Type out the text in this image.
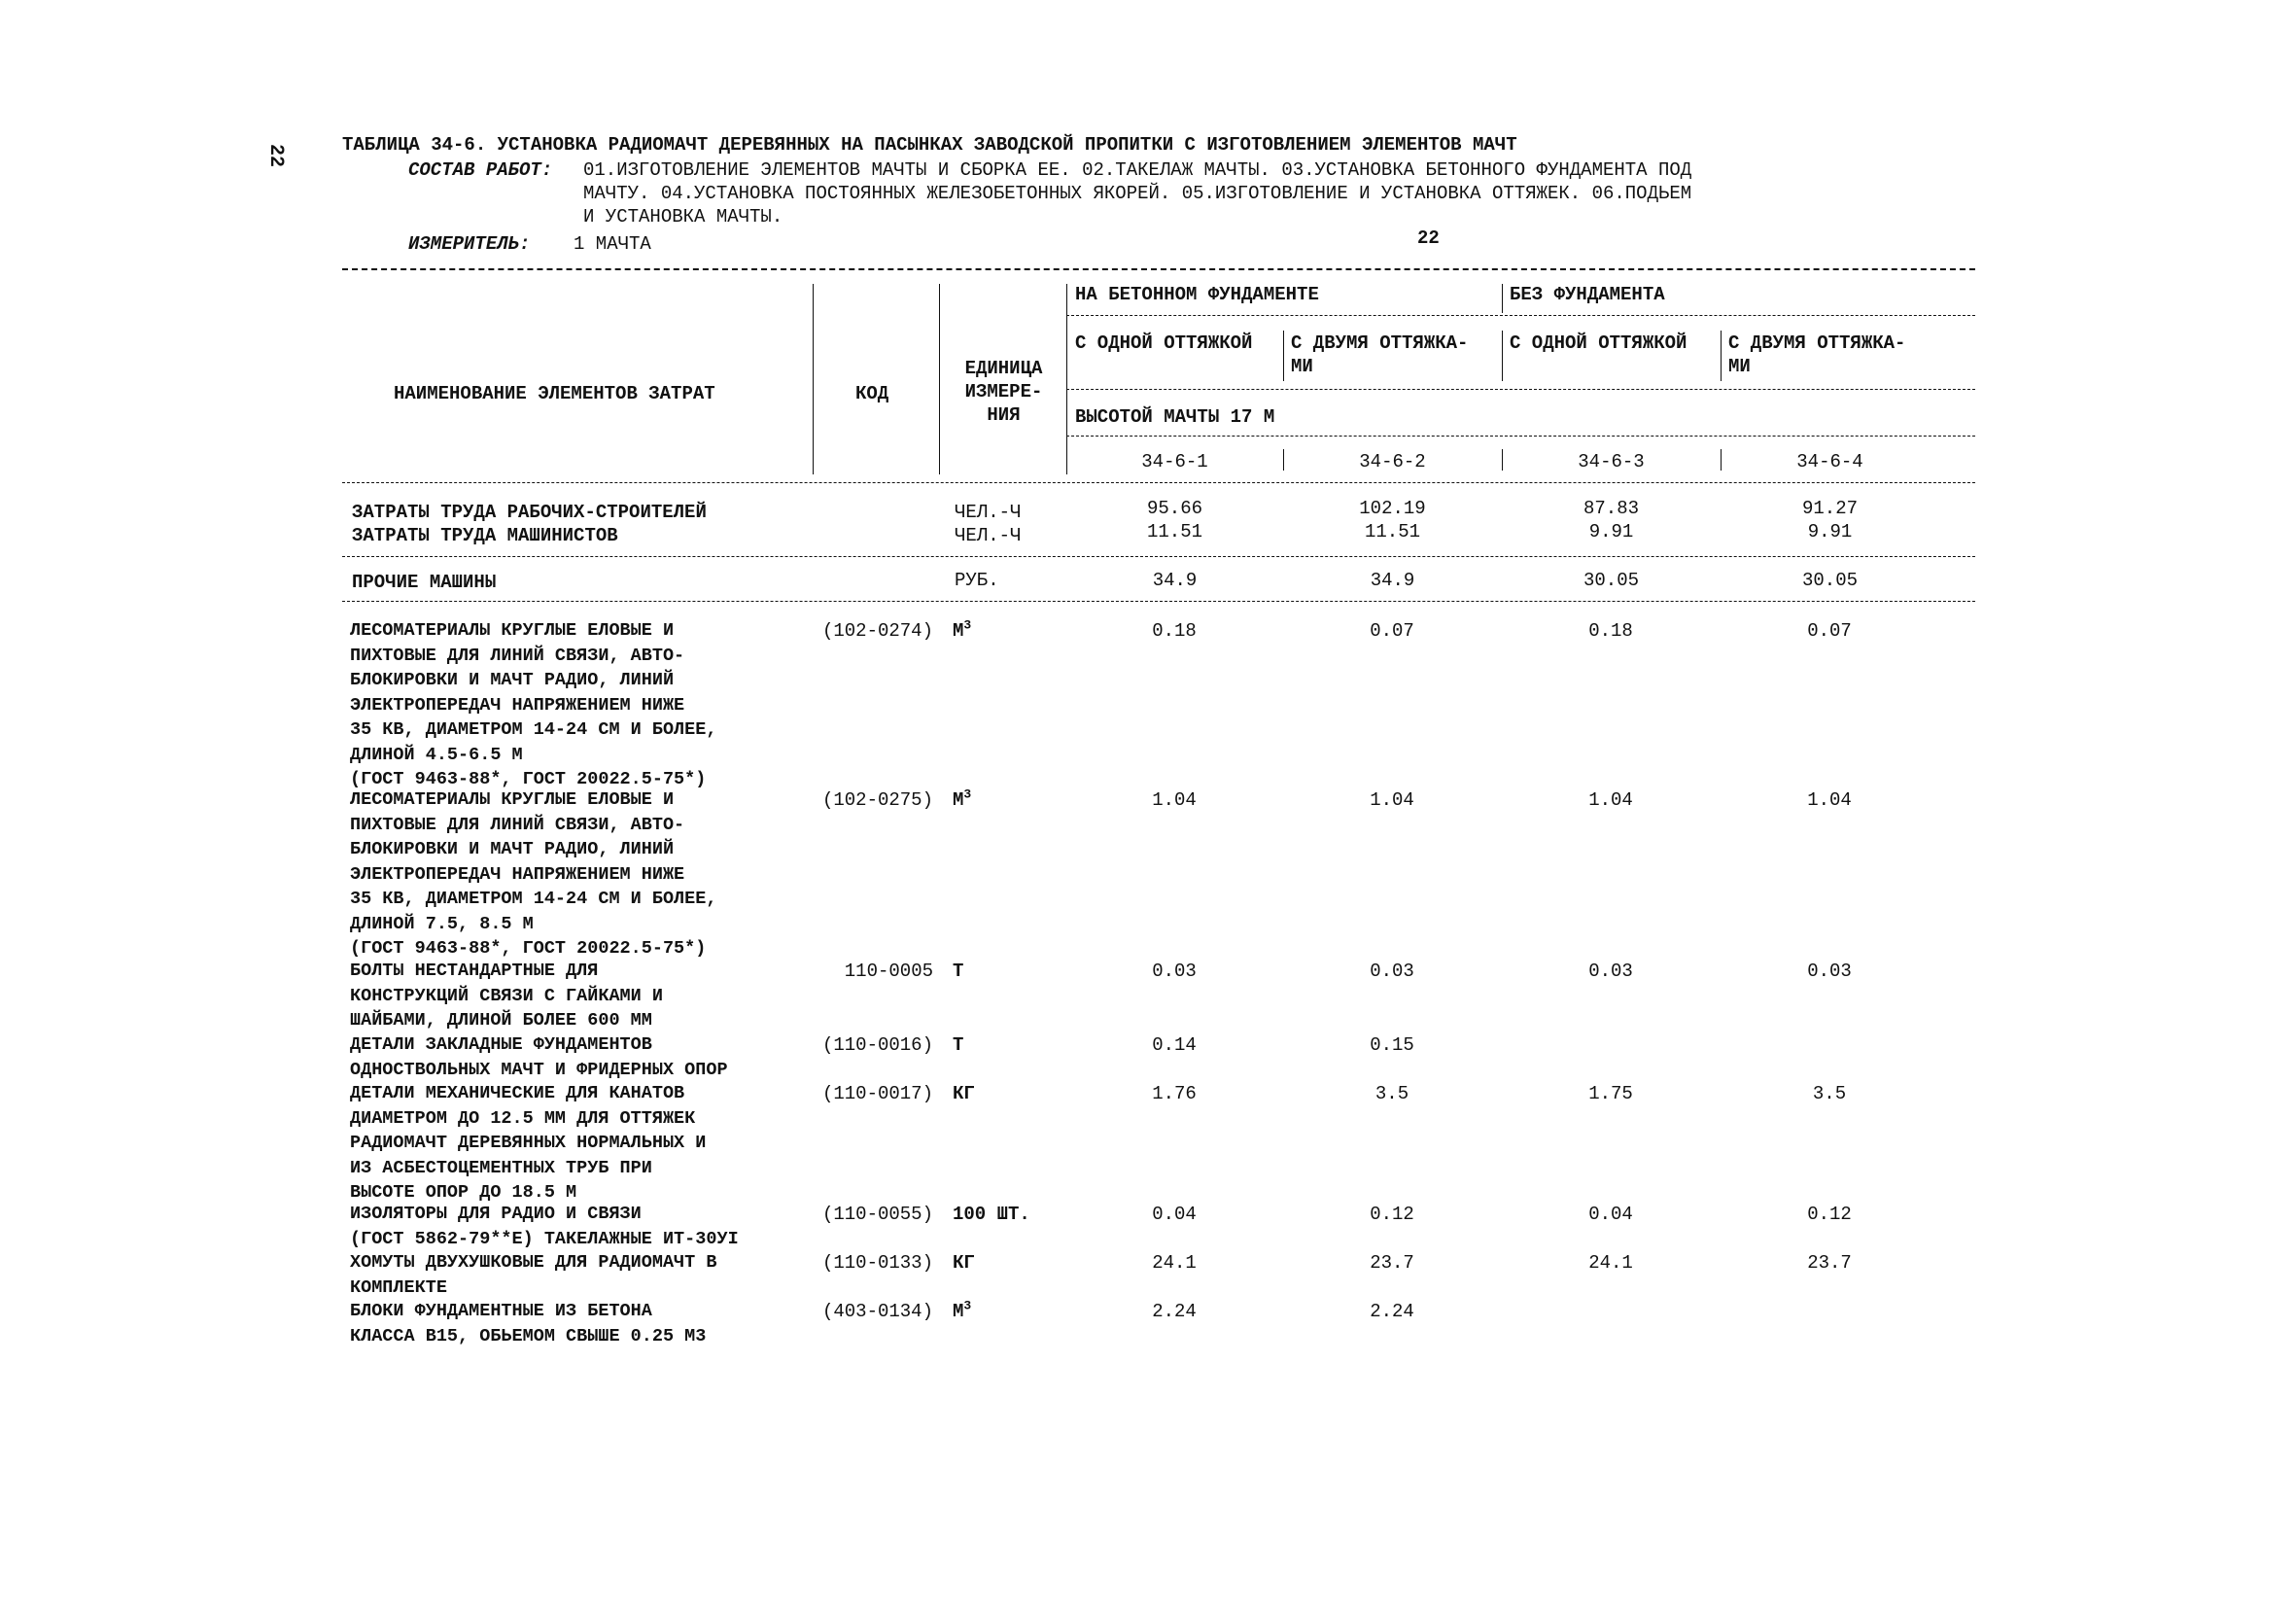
22	ТАБЛИЦА 34-6. УСТАНОВКА РАДИОМАЧТ ДЕРЕВЯННЫХ НА ПАСЫНКАХ ЗАВОДСКОЙ ПРОПИТКИ С ИЗГОТОВЛЕНИЕМ ЭЛЕМЕНТОВ МАЧТ
СОСТАВ РАБОТ: 01.ИЗГОТОВЛЕНИЕ ЭЛЕМЕНТОВ МАЧТЫ И СБОРКА ЕЕ. 02.ТАКЕЛАЖ МАЧТЫ. 03.УСТАНОВКА БЕТОННОГО ФУНДАМЕНТА ПОД
МАЧТУ. 04.УСТАНОВКА ПОСТОЯННЫХ ЖЕЛЕЗОБЕТОННЫХ ЯКОРЕЙ. 05.ИЗГОТОВЛЕНИЕ И УСТАНОВКА ОТТЯЖЕК. 06.ПОДЬЕМ
И УСТАНОВКА МАЧТЫ.
ИЗМЕРИТЕЛЬ: 1 МАЧТА	22
НАИМЕНОВАНИЕ ЭЛЕМЕНТОВ ЗАТРАТ	КОД
ЕДИНИЦА
ИЗМЕРЕ-
НИЯ
НА БЕТОННОМ ФУНДАМЕНТЕ	БЕЗ ФУНДАМЕНТА
С ОДНОЙ ОТТЯЖКОЙ С ДВУМЯ ОТТЯЖКА-
МИ
С ОДНОЙ ОТТЯЖКОЙ С ДВУМЯ ОТТЯЖКА-
МИ
ВЫСОТОЙ МАЧТЫ 17 М
34-6-1	34-6-2	34-6-3	34-6-4
ЗАТРАТЫ ТРУДА РАБОЧИХ-СТРОИТЕЛЕЙ	ЧЕЛ.-Ч	95.66	102.19	87.83	91.27
ЗАТРАТЫ ТРУДА МАШИНИСТОВ	ЧЕЛ.-Ч	11.51	11.51	9.91	9.91
ПРОЧИЕ МАШИНЫ	РУБ.	34.9	34.9	30.05	30.05
ЛЕСОМАТЕРИАЛЫ КРУГЛЫЕ ЕЛОВЫЕ И
ПИХТОВЫЕ ДЛЯ ЛИНИЙ СВЯЗИ, АВТО-
БЛОКИРОВКИ И МАЧТ РАДИО, ЛИНИЙ
ЭЛЕКТРОПЕРЕДАЧ НАПРЯЖЕНИЕМ НИЖЕ
35 КВ, ДИАМЕТРОМ 14-24 СМ И БОЛЕЕ,
ДЛИНОЙ 4.5-6.5 М
(ГОСТ 9463-88*, ГОСТ 20022.5-75*)
(102-0274) $М^3$	0.18	0.07	0.18	0.07
ЛЕСОМАТЕРИАЛЫ КРУГЛЫЕ ЕЛОВЫЕ И
ПИХТОВЫЕ ДЛЯ ЛИНИЙ СВЯЗИ, АВТО-
БЛОКИРОВКИ И МАЧТ РАДИО, ЛИНИЙ
ЭЛЕКТРОПЕРЕДАЧ НАПРЯЖЕНИЕМ НИЖЕ
35 КВ, ДИАМЕТРОМ 14-24 СМ И БОЛЕЕ,
ДЛИНОЙ 7.5, 8.5 М
(ГОСТ 9463-88*, ГОСТ 20022.5-75*)
(102-0275) $М^3$	1.04	1.04	1.04	1.04
БОЛТЫ НЕСТАНДАРТНЫЕ ДЛЯ
КОНСТРУКЦИЙ СВЯЗИ С ГАЙКАМИ И
ШАЙБАМИ, ДЛИНОЙ БОЛЕЕ 600 ММ
110-0005 Т	0.03	0.03	0.03	0.03
ДЕТАЛИ ЗАКЛАДНЫЕ ФУНДАМЕНТОВ
ОДНОСТВОЛЬНЫХ МАЧТ И ФРИДЕРНЫХ ОПОР
(110-0016) Т	0.14	0.15
ДЕТАЛИ МЕХАНИЧЕСКИЕ ДЛЯ КАНАТОВ
ДИАМЕТРОМ ДО 12.5 ММ ДЛЯ ОТТЯЖЕК
РАДИОМАЧТ ДЕРЕВЯННЫХ НОРМАЛЬНЫХ И
ИЗ АСБЕСТОЦЕМЕНТНЫХ ТРУБ ПРИ
ВЫСОТЕ ОПОР ДО 18.5 М
(110-0017) КГ	1.76	3.5	1.75	3.5
ИЗОЛЯТОРЫ ДЛЯ РАДИО И СВЯЗИ
(ГОСТ 5862-79**Е) ТАКЕЛАЖНЫЕ ИТ-30УI
(110-0055) 100 ШТ.	0.04	0.12	0.04	0.12
ХОМУТЫ ДВУХУШКОВЫЕ ДЛЯ РАДИОМАЧТ В
КОМПЛЕКТЕ
(110-0133) КГ	24.1	23.7	24.1	23.7
БЛОКИ ФУНДАМЕНТНЫЕ ИЗ БЕТОНА
КЛАССА В15, ОБЬЕМОМ СВЫШЕ 0.25 М3
(403-0134) $М^3$	2.24	2.24
